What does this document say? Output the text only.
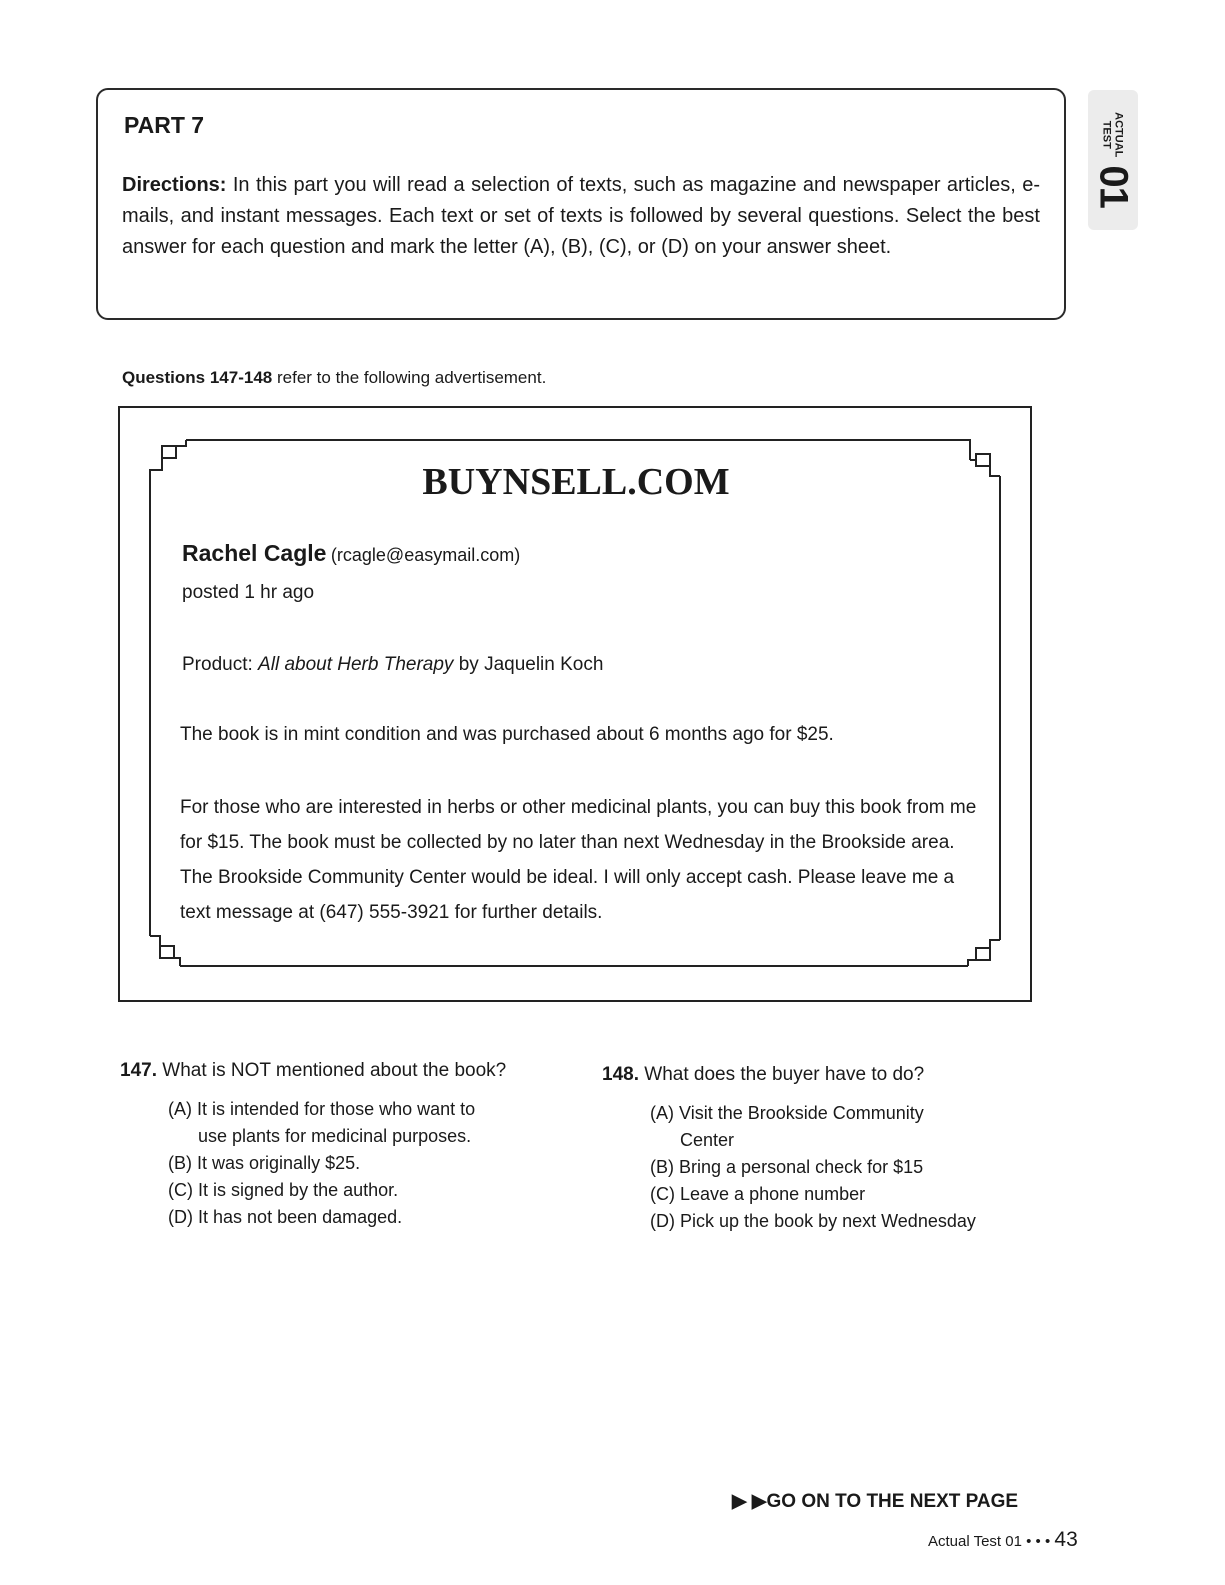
PART 7
Directions: In this part you will read a selection of texts, such as magazine and newspaper articles, e-mails, and instant messages. Each text or set of texts is followed by several questions. Select the best answer for each question and mark the letter (A), (B), (C), or (D) on your answer sheet.
ACTUAL
TEST
01
Questions 147-148 refer to the following advertisement.
BUYNSELL.COM
Rachel Cagle (rcagle@easymail.com)
posted 1 hr ago
Product: All about Herb Therapy by Jaquelin Koch
The book is in mint condition and was purchased about 6 months ago for $25.
For those who are interested in herbs or other medicinal plants, you can buy this book from me for $15. The book must be collected by no later than next Wednesday in the Brookside area. The Brookside Community Center would be ideal. I will only accept cash. Please leave me a text message at (647) 555-3921 for further details.
147. What is NOT mentioned about the book?
(A) It is intended for those who want to
use plants for medicinal purposes.
(B) It was originally $25.
(C) It is signed by the author.
(D) It has not been damaged.
148. What does the buyer have to do?
(A) Visit the Brookside Community
Center
(B) Bring a personal check for $15
(C) Leave a phone number
(D) Pick up the book by next Wednesday
▶ ▶GO ON TO THE NEXT PAGE
Actual Test 01 • • • 43
